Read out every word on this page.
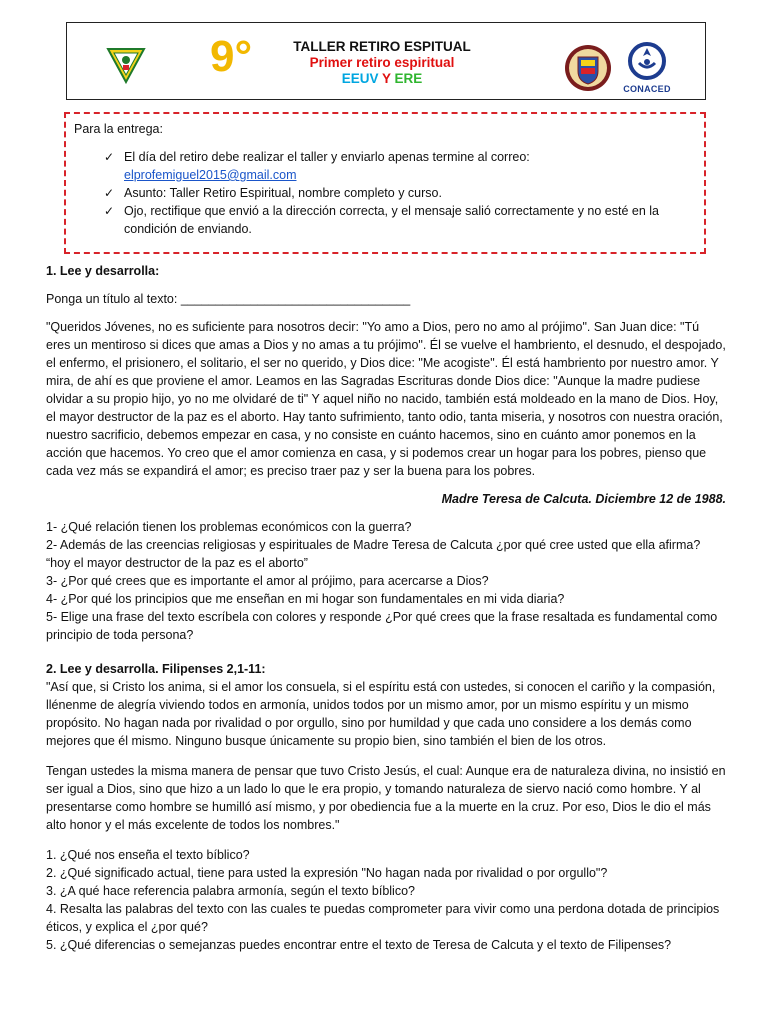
9°	TALLER RETIRO ESPITUAL
Primer retiro espiritual
EEUV Y ERE
CONACED
Para la entrega:
✓ El día del retiro debe realizar el taller y enviarlo apenas termine al correo:
elprofemiguel2015@gmail.com
✓ Asunto: Taller Retiro Espiritual, nombre completo y curso.
✓ Ojo, rectifique que envió a la dirección correcta, y el mensaje salió correctamente y no esté en la condición de enviando.

1. Lee y desarrolla:

Ponga un título al texto: _________________________________

"Queridos Jóvenes, no es suficiente para nosotros decir: "Yo amo a Dios, pero no amo al prójimo". San Juan dice: "Tú eres un mentiroso si dices que amas a Dios y no amas a tu prójimo". Él se vuelve el hambriento, el desnudo, el despojado, el enfermo, el prisionero, el solitario, el ser no querido, y Dios dice: "Me acogiste". Él está hambriento por nuestro amor. Y mira, de ahí es que proviene el amor. Leamos en las Sagradas Escrituras donde Dios dice: "Aunque la madre pudiese olvidar a su propio hijo, yo no me olvidaré de ti" Y aquel niño no nacido, también está moldeado en la mano de Dios. Hoy, el mayor destructor de la paz es el aborto. Hay tanto sufrimiento, tanto odio, tanta miseria, y nosotros con nuestra oración, nuestro sacrificio, debemos empezar en casa, y no consiste en cuánto hacemos, sino en cuánto amor ponemos en la acción que hacemos. Yo creo que el amor comienza en casa, y si podemos crear un hogar para los pobres, pienso que cada vez más se expandirá el amor; es preciso traer paz y ser la buena para los pobres.

Madre Teresa de Calcuta. Diciembre 12 de 1988.

1- ¿Qué relación tienen los problemas económicos con la guerra?

2- Además de las creencias religiosas y espirituales de Madre Teresa de Calcuta ¿por qué cree usted que ella afirma?

“hoy el mayor destructor de la paz es el aborto”

3- ¿Por qué crees que es importante el amor al prójimo, para acercarse a Dios?

4- ¿Por qué los principios que me enseñan en mi hogar son fundamentales en mi vida diaria?

5- Elige una frase del texto escríbela con colores y responde ¿Por qué crees que la frase resaltada es fundamental como principio de toda persona?

2. Lee y desarrolla. Filipenses 2,1-11:

"Así que, si Cristo los anima, si el amor los consuela, si el espíritu está con ustedes, si conocen el cariño y la compasión, llénenme de alegría viviendo todos en armonía, unidos todos por un mismo amor, por un mismo espíritu y un mismo propósito. No hagan nada por rivalidad o por orgullo, sino por humildad y que cada uno considere a los demás como mejores que él mismo. Ninguno busque únicamente su propio bien, sino también el bien de los otros.

Tengan ustedes la misma manera de pensar que tuvo Cristo Jesús, el cual: Aunque era de naturaleza divina, no insistió en ser igual a Dios, sino que hizo a un lado lo que le era propio, y tomando naturaleza de siervo nació como hombre. Y al presentarse como hombre se humilló así mismo, y por obediencia fue a la muerte en la cruz. Por eso, Dios le dio el más alto honor y el más excelente de todos los nombres."

1. ¿Qué nos enseña el texto bíblico?

2. ¿Qué significado actual, tiene para usted la expresión "No hagan nada por rivalidad o por orgullo"?

3. ¿A qué hace referencia palabra armonía, según el texto bíblico?

4. Resalta las palabras del texto con las cuales te puedas comprometer para vivir como una perdona dotada de principios éticos, y explica el ¿por qué?

5. ¿Qué diferencias o semejanzas puedes encontrar entre el texto de Teresa de Calcuta y el texto de Filipenses?
